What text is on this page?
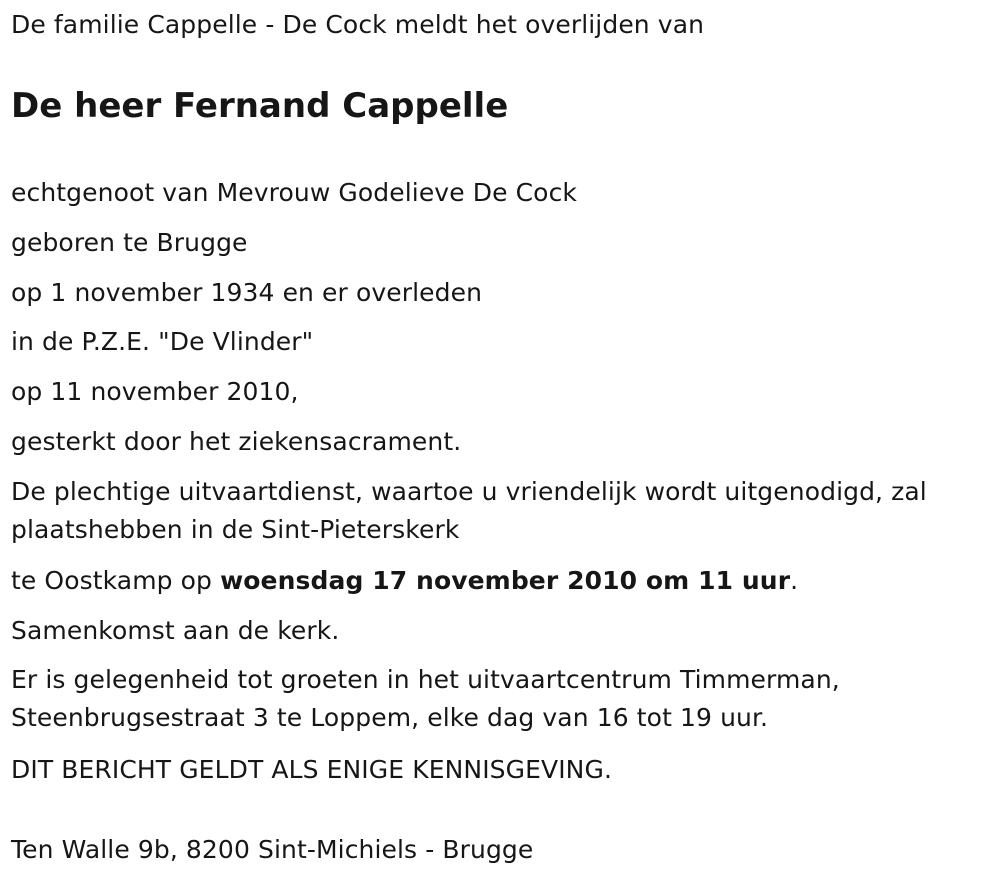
De familie Cappelle - De Cock meldt het overlijden van
De heer Fernand Cappelle
echtgenoot van Mevrouw Godelieve De Cock
geboren te Brugge
op 1 november 1934 en er overleden
in de P.Z.E. "De Vlinder"
op 11 november 2010,
gesterkt door het ziekensacrament.
De plechtige uitvaartdienst, waartoe u vriendelijk wordt uitgenodigd, zal plaatshebben in de Sint-Pieterskerk
te Oostkamp op woensdag 17 november 2010 om 11 uur.
Samenkomst aan de kerk.
Er is gelegenheid tot groeten in het uitvaartcentrum Timmerman, Steenbrugsestraat 3 te Loppem, elke dag van 16 tot 19 uur.
DIT BERICHT GELDT ALS ENIGE KENNISGEVING.
Ten Walle 9b, 8200 Sint-Michiels - Brugge
